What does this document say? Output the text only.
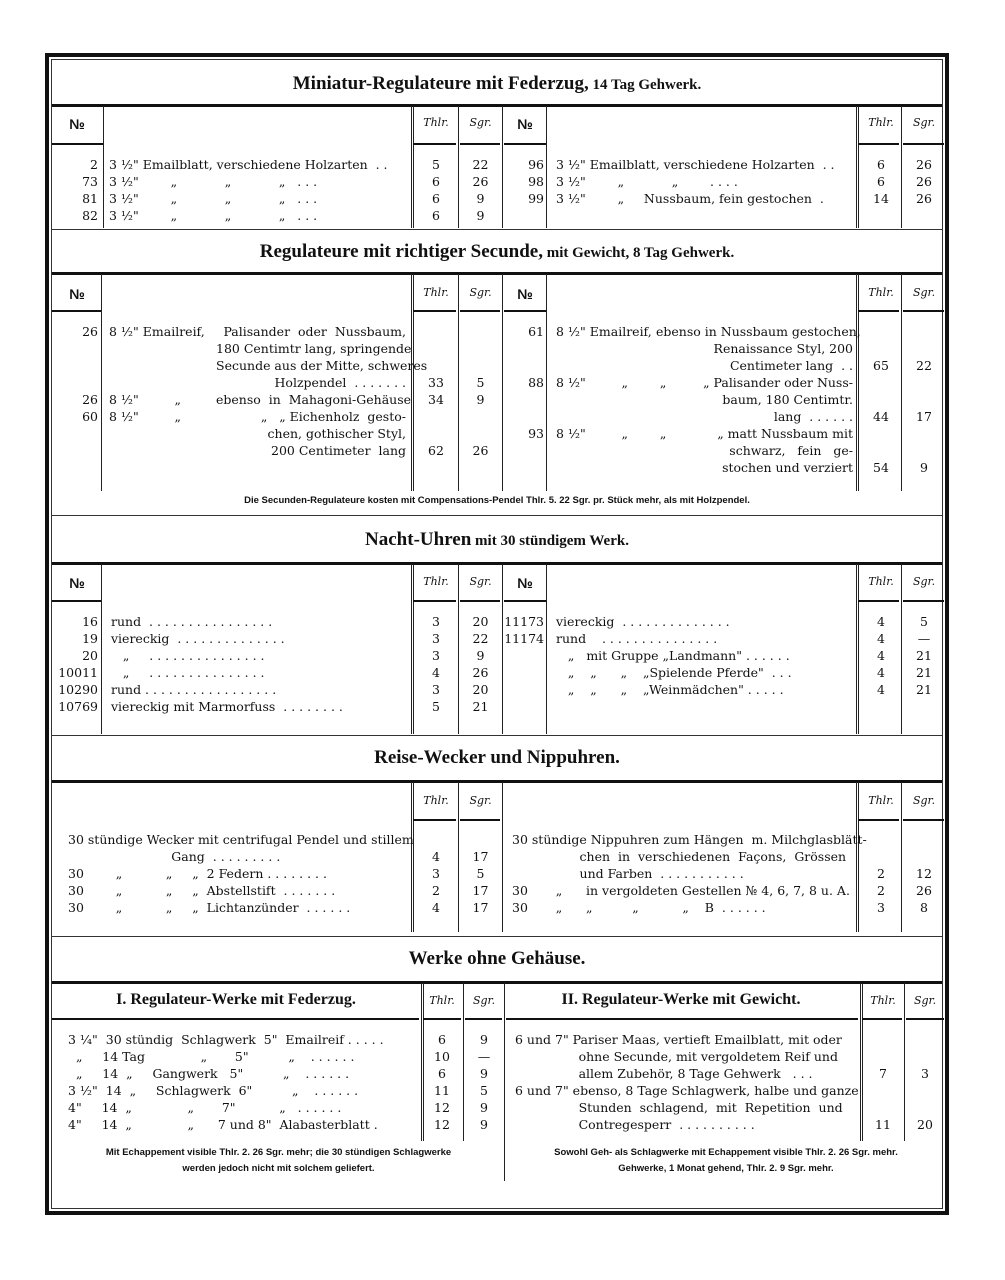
Miniatur-Regulateure mit Federzug, 14 Tag Gehwerk.
№	Thlr.	Sgr.	№	Thlr.	Sgr.
2 3 ½" Emailblatt, verschiedene Holzarten  . .	5	22
73 3 ½"        „            „            „   . . .	6	26
81 3 ½"        „            „            „   . . .	6	9
82 3 ½"        „            „            „   . . .	6	9
96 3 ½" Emailblatt, verschiedene Holzarten  . .	6	26
98 3 ½"        „            „        . . . .	6	26
99 3 ½"        „     Nussbaum, fein gestochen  .	14	26
Regulateure mit richtiger Secunde, mit Gewicht, 8 Tag Gehwerk.
№	Thlr.	Sgr.	№	Thlr.	Sgr.
26 8 ½" Emailreif,	Palisander  oder  Nussbaum,
180 Centimtr lang, springende
Secunde aus der Mitte, schweres
Holzpendel  . . . . . . .	33	5
26 8 ½"         „	ebenso  in  Mahagoni-Gehäuse	34	9
60 8 ½"         „	„   „ Eichenholz  gesto-
chen, gothischer Styl,
200 Centimeter  lang	62	26
61 8 ½" Emailreif, ebenso in Nussbaum gestochen,
Renaissance Styl, 200
Centimeter lang  . .	65	22
88 8 ½"         „        „	„ Palisander oder Nuss-
baum, 180 Centimtr.
lang  . . . . . .	44	17
93 8 ½"         „        „	„ matt Nussbaum mit
schwarz,   fein   ge-
stochen und verziert	54	9
Die Secunden-Regulateure kosten mit Compensations-Pendel Thlr. 5. 22 Sgr. pr. Stück mehr, als mit Holzpendel.
Nacht-Uhren mit 30 stündigem Werk.
№	Thlr.	Sgr.	№	Thlr.	Sgr.
16 rund  . . . . . . . . . . . . . . . .	3	20
19 viereckig  . . . . . . . . . . . . . .	3	22
20 „     . . . . . . . . . . . . . . .	3	9
10011 „     . . . . . . . . . . . . . . .	4	26
10290 rund . . . . . . . . . . . . . . . . .	3	20
10769 viereckig mit Marmorfuss  . . . . . . . .	5	21
11173 viereckig  . . . . . . . . . . . . . .	4	5
11174 rund    . . . . . . . . . . . . . . .	4	—
„   mit Gruppe „Landmann" . . . . . .	4	21
„    „      „    „Spielende Pferde"  . . .	4	21
„    „      „    „Weinmädchen" . . . . .	4	21
Reise-Wecker und Nippuhren.
Thlr.	Sgr.	Thlr.	Sgr.
30 stündige Wecker mit centrifugal Pendel und stillem
Gang  . . . . . . . . .	4	17
30        „           „     „  2 Federn . . . . . . . .	3	5
30        „           „     „  Abstellstift  . . . . . . .	2	17
30        „           „     „  Lichtanzünder  . . . . . .	4	17
30 stündige Nippuhren zum Hängen  m. Milchglasblätt-
chen  in  verschiedenen  Façons,  Grössen
und Farben  . . . . . . . . . . .	2	12
30       „      in vergoldeten Gestellen № 4, 6, 7, 8 u. A.	2	26
30       „      „          „           „    B  . . . . . .	3	8
Werke ohne Gehäuse.
I. Regulateur-Werke mit Federzug.	II. Regulateur-Werke mit Gewicht.
Thlr.	Sgr.	Thlr.	Sgr.
3 ¼"  30 stündig  Schlagwerk  5"  Emailreif . . . . .	6	9
„     14 Tag              „       5"          „    . . . . . .	10	—
„     14  „     Gangwerk   5"          „    . . . . . .	6	9
3 ½"  14  „     Schlagwerk  6"          „    . . . . . .	11	5
4"     14  „              „       7"           „   . . . . . .	12	9
4"     14  „              „      7 und 8"  Alabasterblatt .	12	9
6 und 7" Pariser Maas, vertieft Emailblatt, mit oder
ohne Secunde, mit vergoldetem Reif und
allem Zubehör, 8 Tage Gehwerk   . . .	7	3
6 und 7" ebenso, 8 Tage Schlagwerk, halbe und ganze
Stunden  schlagend,  mit  Repetition  und
Contregesperr  . . . . . . . . . .	11	20
Mit Echappement visible Thlr. 2. 26 Sgr. mehr; die 30 stündigen Schlagwerke
werden jedoch nicht mit solchem geliefert.
Sowohl Geh- als Schlagwerke mit Echappement visible Thlr. 2. 26 Sgr. mehr.
Gehwerke, 1 Monat gehend, Thlr. 2. 9 Sgr. mehr.
